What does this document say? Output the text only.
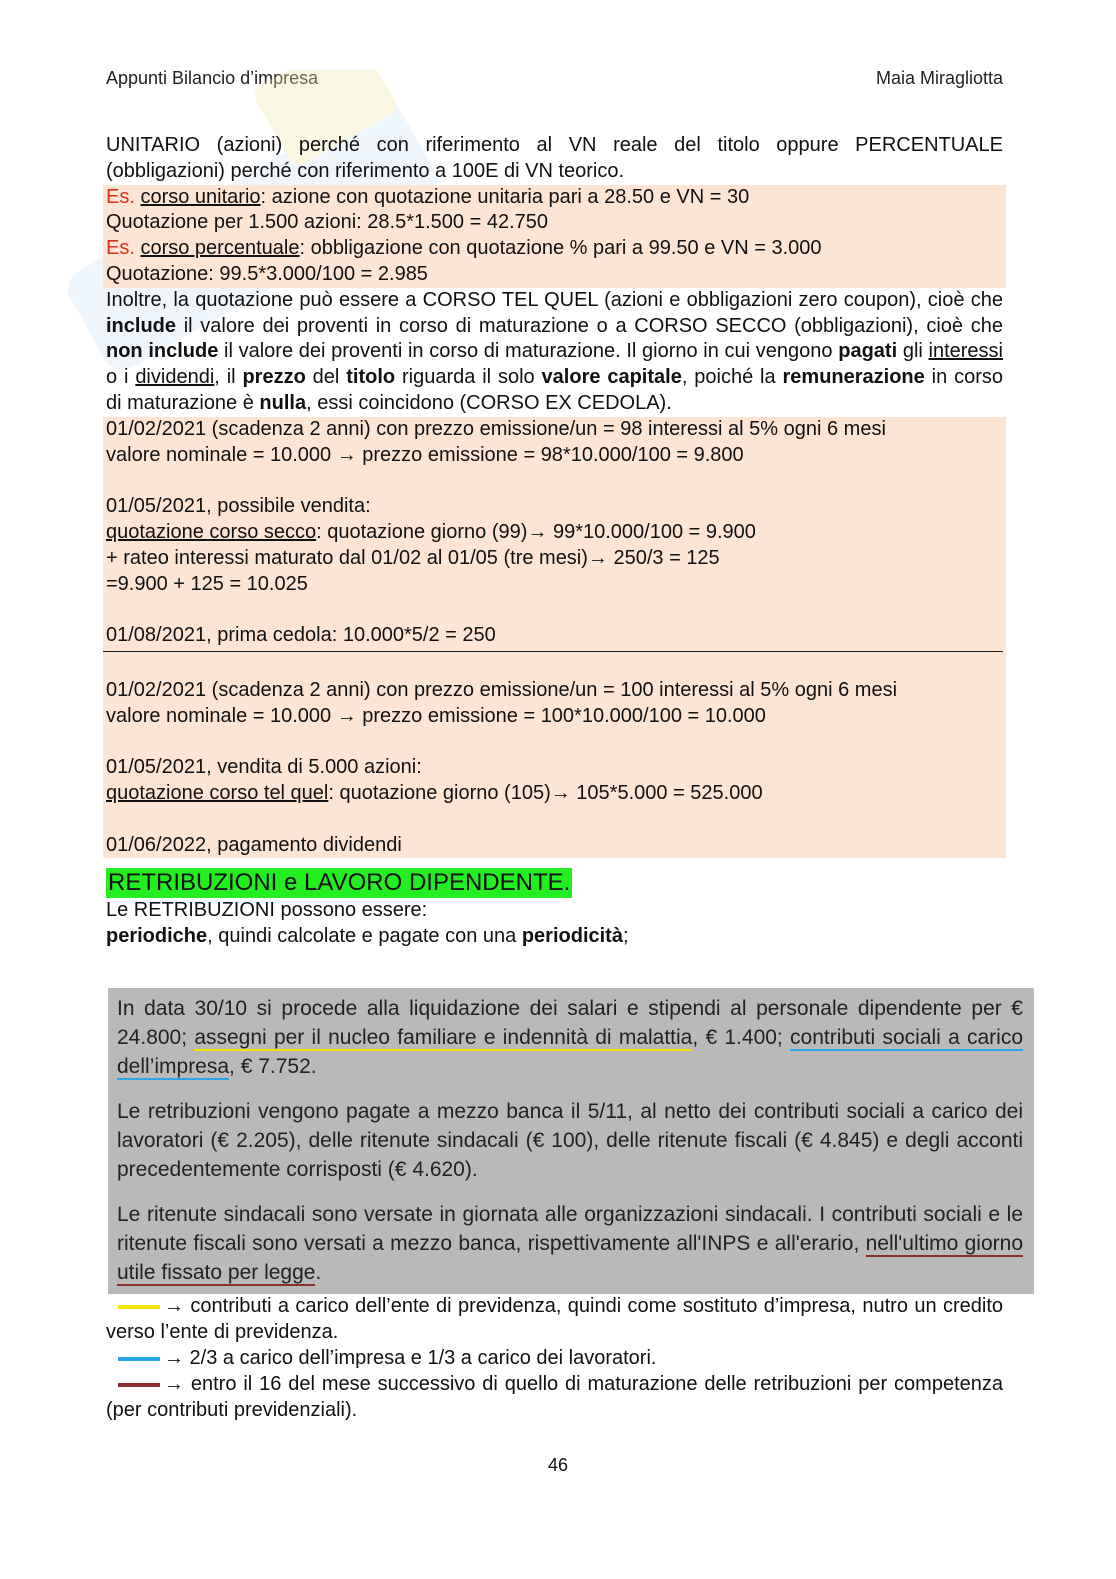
Appunti Bilancio d’impresa	Maia Miragliotta
UNITARIO (azioni) perché con riferimento al VN reale del titolo oppure PERCENTUALE (obbligazioni) perché con riferimento a 100E di VN teorico.
Es. corso unitario: azione con quotazione unitaria pari a 28.50 e VN = 30
Quotazione per 1.500 azioni: 28.5*1.500 = 42.750
Es. corso percentuale: obbligazione con quotazione % pari a 99.50 e VN = 3.000
Quotazione: 99.5*3.000/100 = 2.985
Inoltre, la quotazione può essere a CORSO TEL QUEL (azioni e obbligazioni zero coupon), cioè che include il valore dei proventi in corso di maturazione o a CORSO SECCO (obbligazioni), cioè che non include il valore dei proventi in corso di maturazione. Il giorno in cui vengono pagati gli interessi o i dividendi, il prezzo del titolo riguarda il solo valore capitale, poiché la remunerazione in corso di maturazione è nulla, essi coincidono (CORSO EX CEDOLA).
01/02/2021 (scadenza 2 anni) con prezzo emissione/un = 98 interessi al 5% ogni 6 mesi
valore nominale = 10.000 → prezzo emissione = 98*10.000/100 = 9.800
01/05/2021, possibile vendita:
quotazione corso secco: quotazione giorno (99)→ 99*10.000/100 = 9.900
+ rateo interessi maturato dal 01/02 al 01/05 (tre mesi)→ 250/3 = 125
=9.900 + 125 = 10.025
01/08/2021, prima cedola: 10.000*5/2 = 250
01/02/2021 (scadenza 2 anni) con prezzo emissione/un = 100 interessi al 5% ogni 6 mesi
valore nominale = 10.000 → prezzo emissione = 100*10.000/100 = 10.000
01/05/2021, vendita di 5.000 azioni:
quotazione corso tel quel: quotazione giorno (105)→ 105*5.000 = 525.000
01/06/2022, pagamento dividendi
RETRIBUZIONI e LAVORO DIPENDENTE.
Le RETRIBUZIONI possono essere:
periodiche, quindi calcolate e pagate con una periodicità;

In data 30/10 si procede alla liquidazione dei salari e stipendi al personale dipendente per € 24.800; assegni per il nucleo familiare e indennità di malattia, € 1.400; contributi sociali a carico dell’impresa, € 7.752.

Le retribuzioni vengono pagate a mezzo banca il 5/11, al netto dei contributi sociali a carico dei lavoratori (€ 2.205), delle ritenute sindacali (€ 100), delle ritenute fiscali (€ 4.845) e degli acconti precedentemente corrisposti (€ 4.620).

Le ritenute sindacali sono versate in giornata alle organizzazioni sindacali. I contributi sociali e le ritenute fiscali sono versati a mezzo banca, rispettivamente all'INPS e all'erario, nell'ultimo giorno utile fissato per legge.

→ contributi a carico dell’ente di previdenza, quindi come sostituto d’impresa, nutro un credito verso l’ente di previdenza.
→ 2/3 a carico dell’impresa e 1/3 a carico dei lavoratori.
→ entro il 16 del mese successivo di quello di maturazione delle retribuzioni per competenza (per contributi previdenziali).
46
